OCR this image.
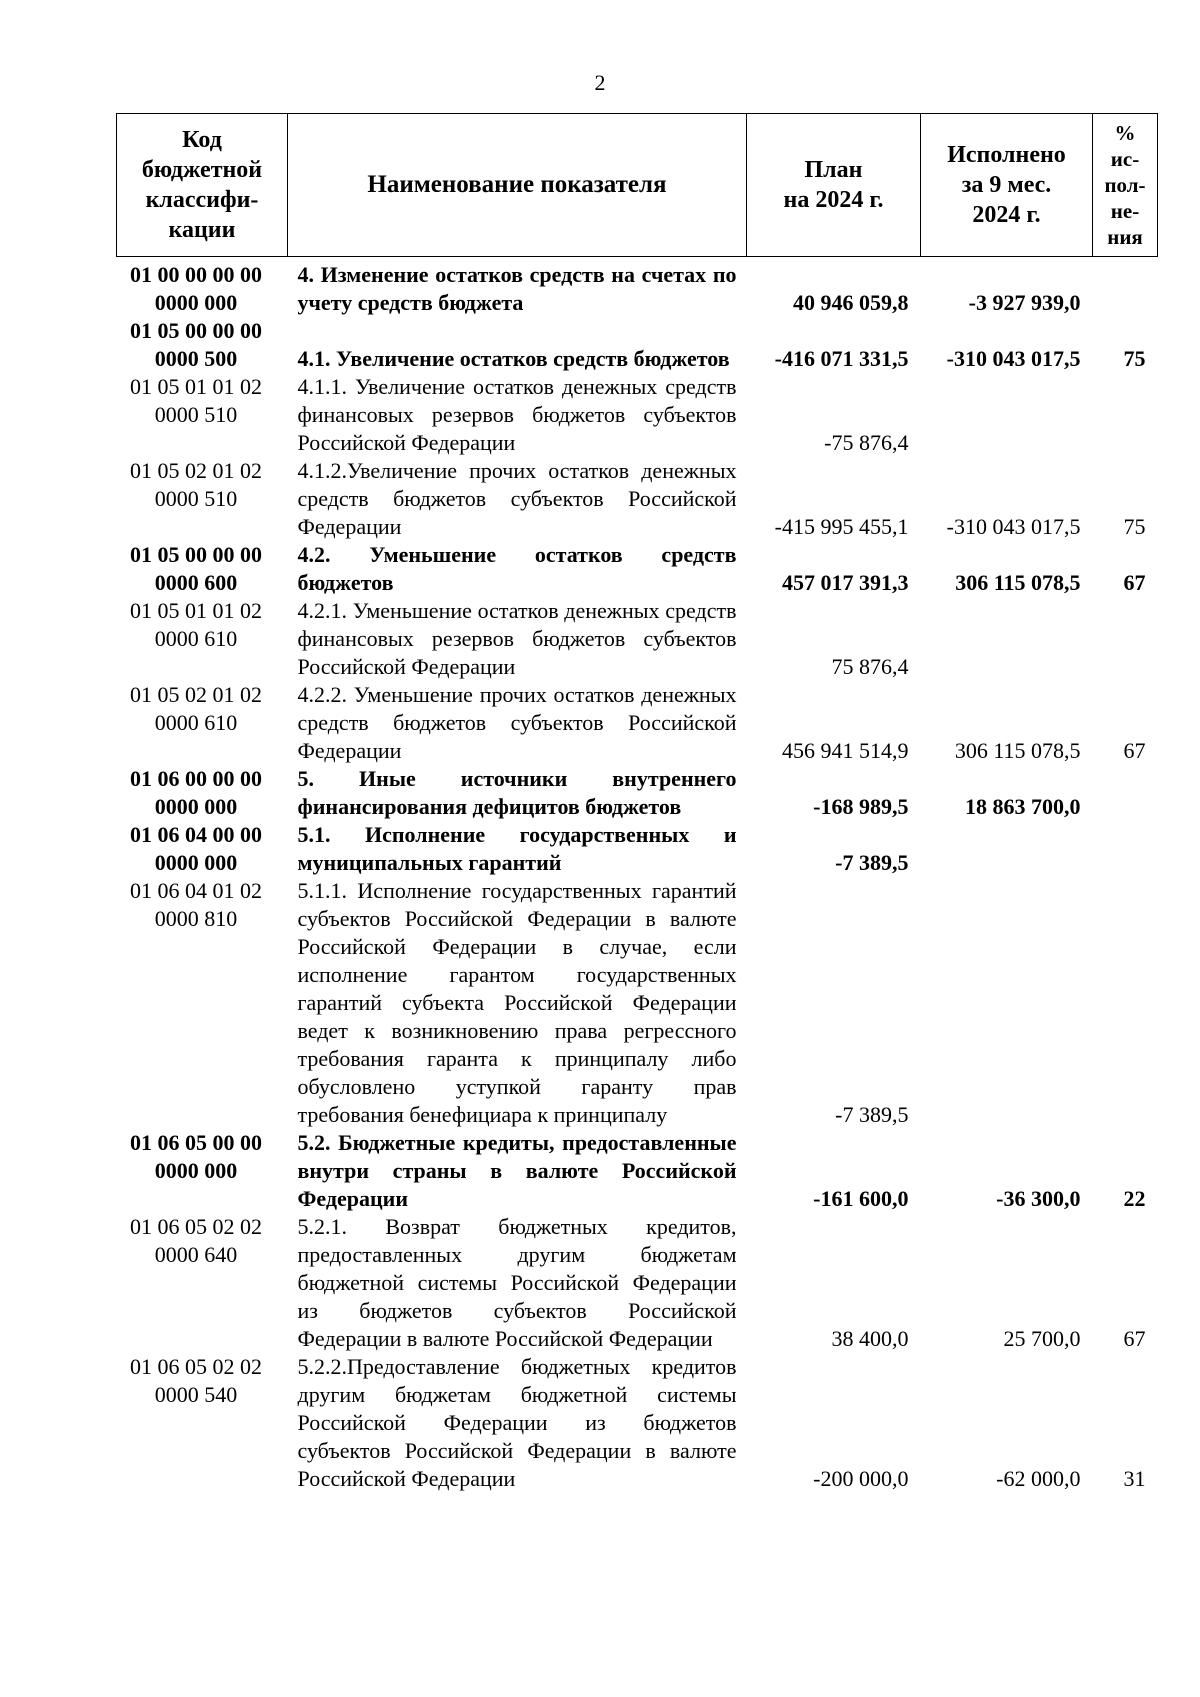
2
Код
бюджетной
классифи-
кации	Наименование показателя	План
на 2024 г.	Исполнено
за 9 мес.
2024 г.	%
ис-
пол-
не-
ния
01 00 00 00 00
0000 000	4. Изменение остатков средств на счетах по учету средств бюджета	40 946 059,8	-3 927 939,0	
01 05 00 00 00
0000 500	4.1. Увеличение остатков средств бюджетов	-416 071 331,5	-310 043 017,5	75
01 05 01 01 02
0000 510	4.1.1. Увеличение остатков денежных средств финансовых резервов бюджетов субъектов Российской Федерации	-75 876,4		
01 05 02 01 02
0000 510	4.1.2.Увеличение прочих остатков денежных средств бюджетов субъектов Российской Федерации	-415 995 455,1	-310 043 017,5	75
01 05 00 00 00
0000 600	4.2. Уменьшение остатков средств бюджетов	457 017 391,3	306 115 078,5	67
01 05 01 01 02
0000 610	4.2.1. Уменьшение остатков денежных средств финансовых резервов бюджетов субъектов Российской Федерации	75 876,4		
01 05 02 01 02
0000 610	4.2.2. Уменьшение прочих остатков денежных средств бюджетов субъектов Российской Федерации	456 941 514,9	306 115 078,5	67
01 06 00 00 00
0000 000	5. Иные источники внутреннего финансирования дефицитов бюджетов	-168 989,5	18 863 700,0	
01 06 04 00 00
0000 000	5.1. Исполнение государственных и муниципальных гарантий	-7 389,5		
01 06 04 01 02
0000 810	5.1.1. Исполнение государственных гарантий субъектов Российской Федерации в валюте Российской Федерации в случае, если исполнение гарантом государственных гарантий субъекта Российской Федерации ведет к возникновению права регрессного требования гаранта к принципалу либо обусловлено уступкой гаранту прав требования бенефициара к принципалу	-7 389,5		
01 06 05 00 00
0000 000	5.2. Бюджетные кредиты, предоставленные внутри страны в валюте Российской Федерации	-161 600,0	-36 300,0	22
01 06 05 02 02
0000 640	5.2.1. Возврат бюджетных кредитов, предоставленных другим бюджетам бюджетной системы Российской Федерации из бюджетов субъектов Российской Федерации в валюте Российской Федерации	38 400,0	25 700,0	67
01 06 05 02 02
0000 540	5.2.2.Предоставление бюджетных кредитов другим бюджетам бюджетной системы Российской Федерации из бюджетов субъектов Российской Федерации в валюте Российской Федерации	-200 000,0	-62 000,0	31
